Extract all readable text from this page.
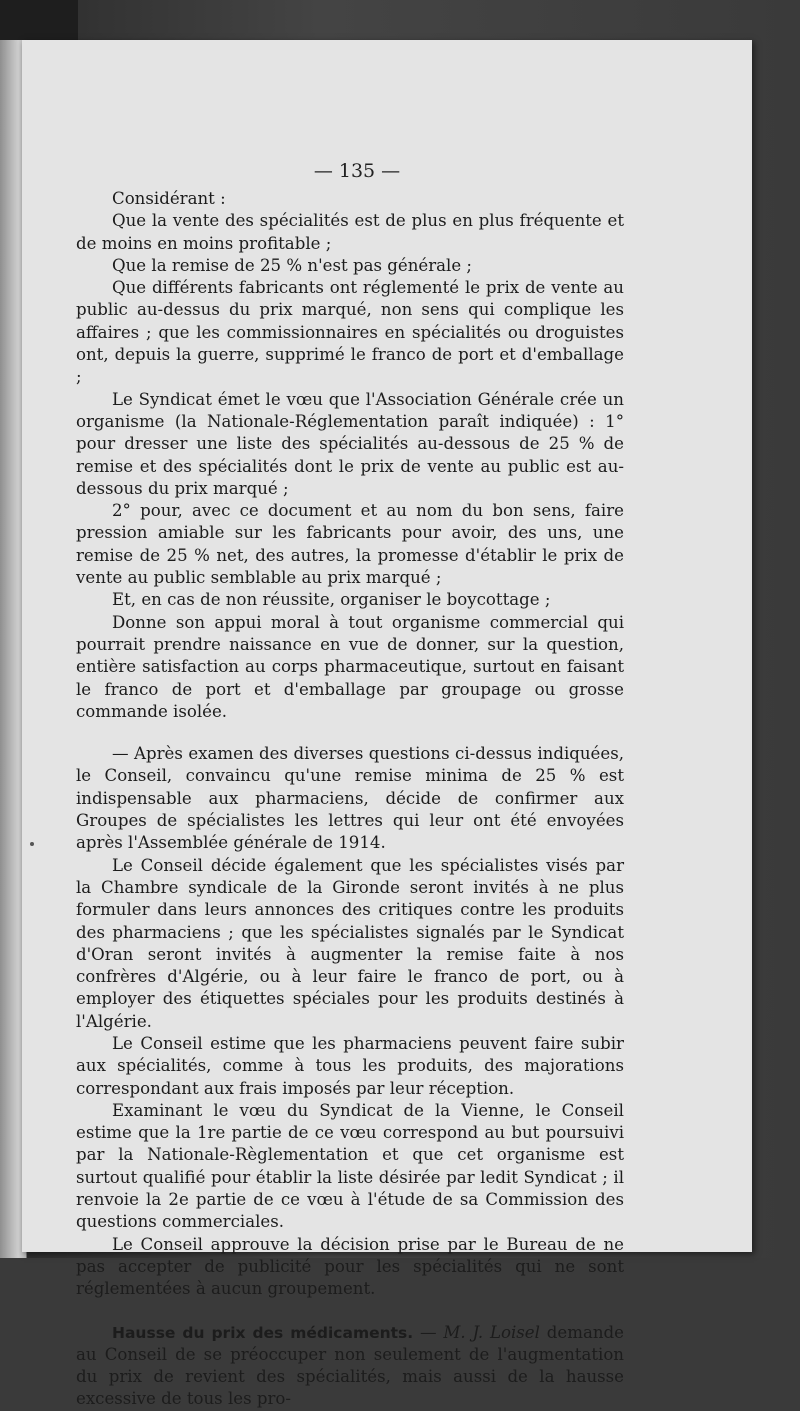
— 135 —

Considérant :

Que la vente des spécialités est de plus en plus fréquente et de moins en moins profitable ;

Que la remise de 25 % n'est pas générale ;

Que différents fabricants ont réglementé le prix de vente au public au-dessus du prix marqué, non sens qui complique les affaires ; que les commissionnaires en spécialités ou droguistes ont, depuis la guerre, supprimé le franco de port et d'emballage ;

Le Syndicat émet le vœu que l'Association Générale crée un organisme (la Nationale-Réglementation paraît indiquée) : 1° pour dresser une liste des spécialités au-dessous de 25 % de remise et des spécialités dont le prix de vente au public est au-dessous du prix marqué ;

2° pour, avec ce document et au nom du bon sens, faire pression amiable sur les fabricants pour avoir, des uns, une remise de 25 % net, des autres, la promesse d'établir le prix de vente au public semblable au prix marqué ;

Et, en cas de non réussite, organiser le boycottage ;

Donne son appui moral à tout organisme commercial qui pourrait prendre naissance en vue de donner, sur la question, entière satisfaction au corps pharmaceutique, surtout en faisant le franco de port et d'emballage par groupage ou grosse commande isolée.

— Après examen des diverses questions ci-dessus indiquées, le Conseil, convaincu qu'une remise minima de 25 % est indispensable aux pharmaciens, décide de confirmer aux Groupes de spécialistes les lettres qui leur ont été envoyées après l'Assemblée générale de 1914.

Le Conseil décide également que les spécialistes visés par la Chambre syndicale de la Gironde seront invités à ne plus formuler dans leurs annonces des critiques contre les produits des pharmaciens ; que les spécialistes signalés par le Syndicat d'Oran seront invités à augmenter la remise faite à nos confrères d'Algérie, ou à leur faire le franco de port, ou à employer des étiquettes spéciales pour les produits destinés à l'Algérie.

Le Conseil estime que les pharmaciens peuvent faire subir aux spécialités, comme à tous les produits, des majorations correspondant aux frais imposés par leur réception.

Examinant le vœu du Syndicat de la Vienne, le Conseil estime que la 1re partie de ce vœu correspond au but poursuivi par la Nationale-Règlementation et que cet organisme est surtout qualifié pour établir la liste désirée par ledit Syndicat ; il renvoie la 2e partie de ce vœu à l'étude de sa Commission des questions commerciales.

Le Conseil approuve la décision prise par le Bureau de ne pas accepter de publicité pour les spécialités qui ne sont réglementées à aucun groupement.

Hausse du prix des médicaments. — M. J. Loisel demande au Conseil de se préoccuper non seulement de l'augmentation du prix de revient des spécialités, mais aussi de la hausse excessive de tous les pro-
